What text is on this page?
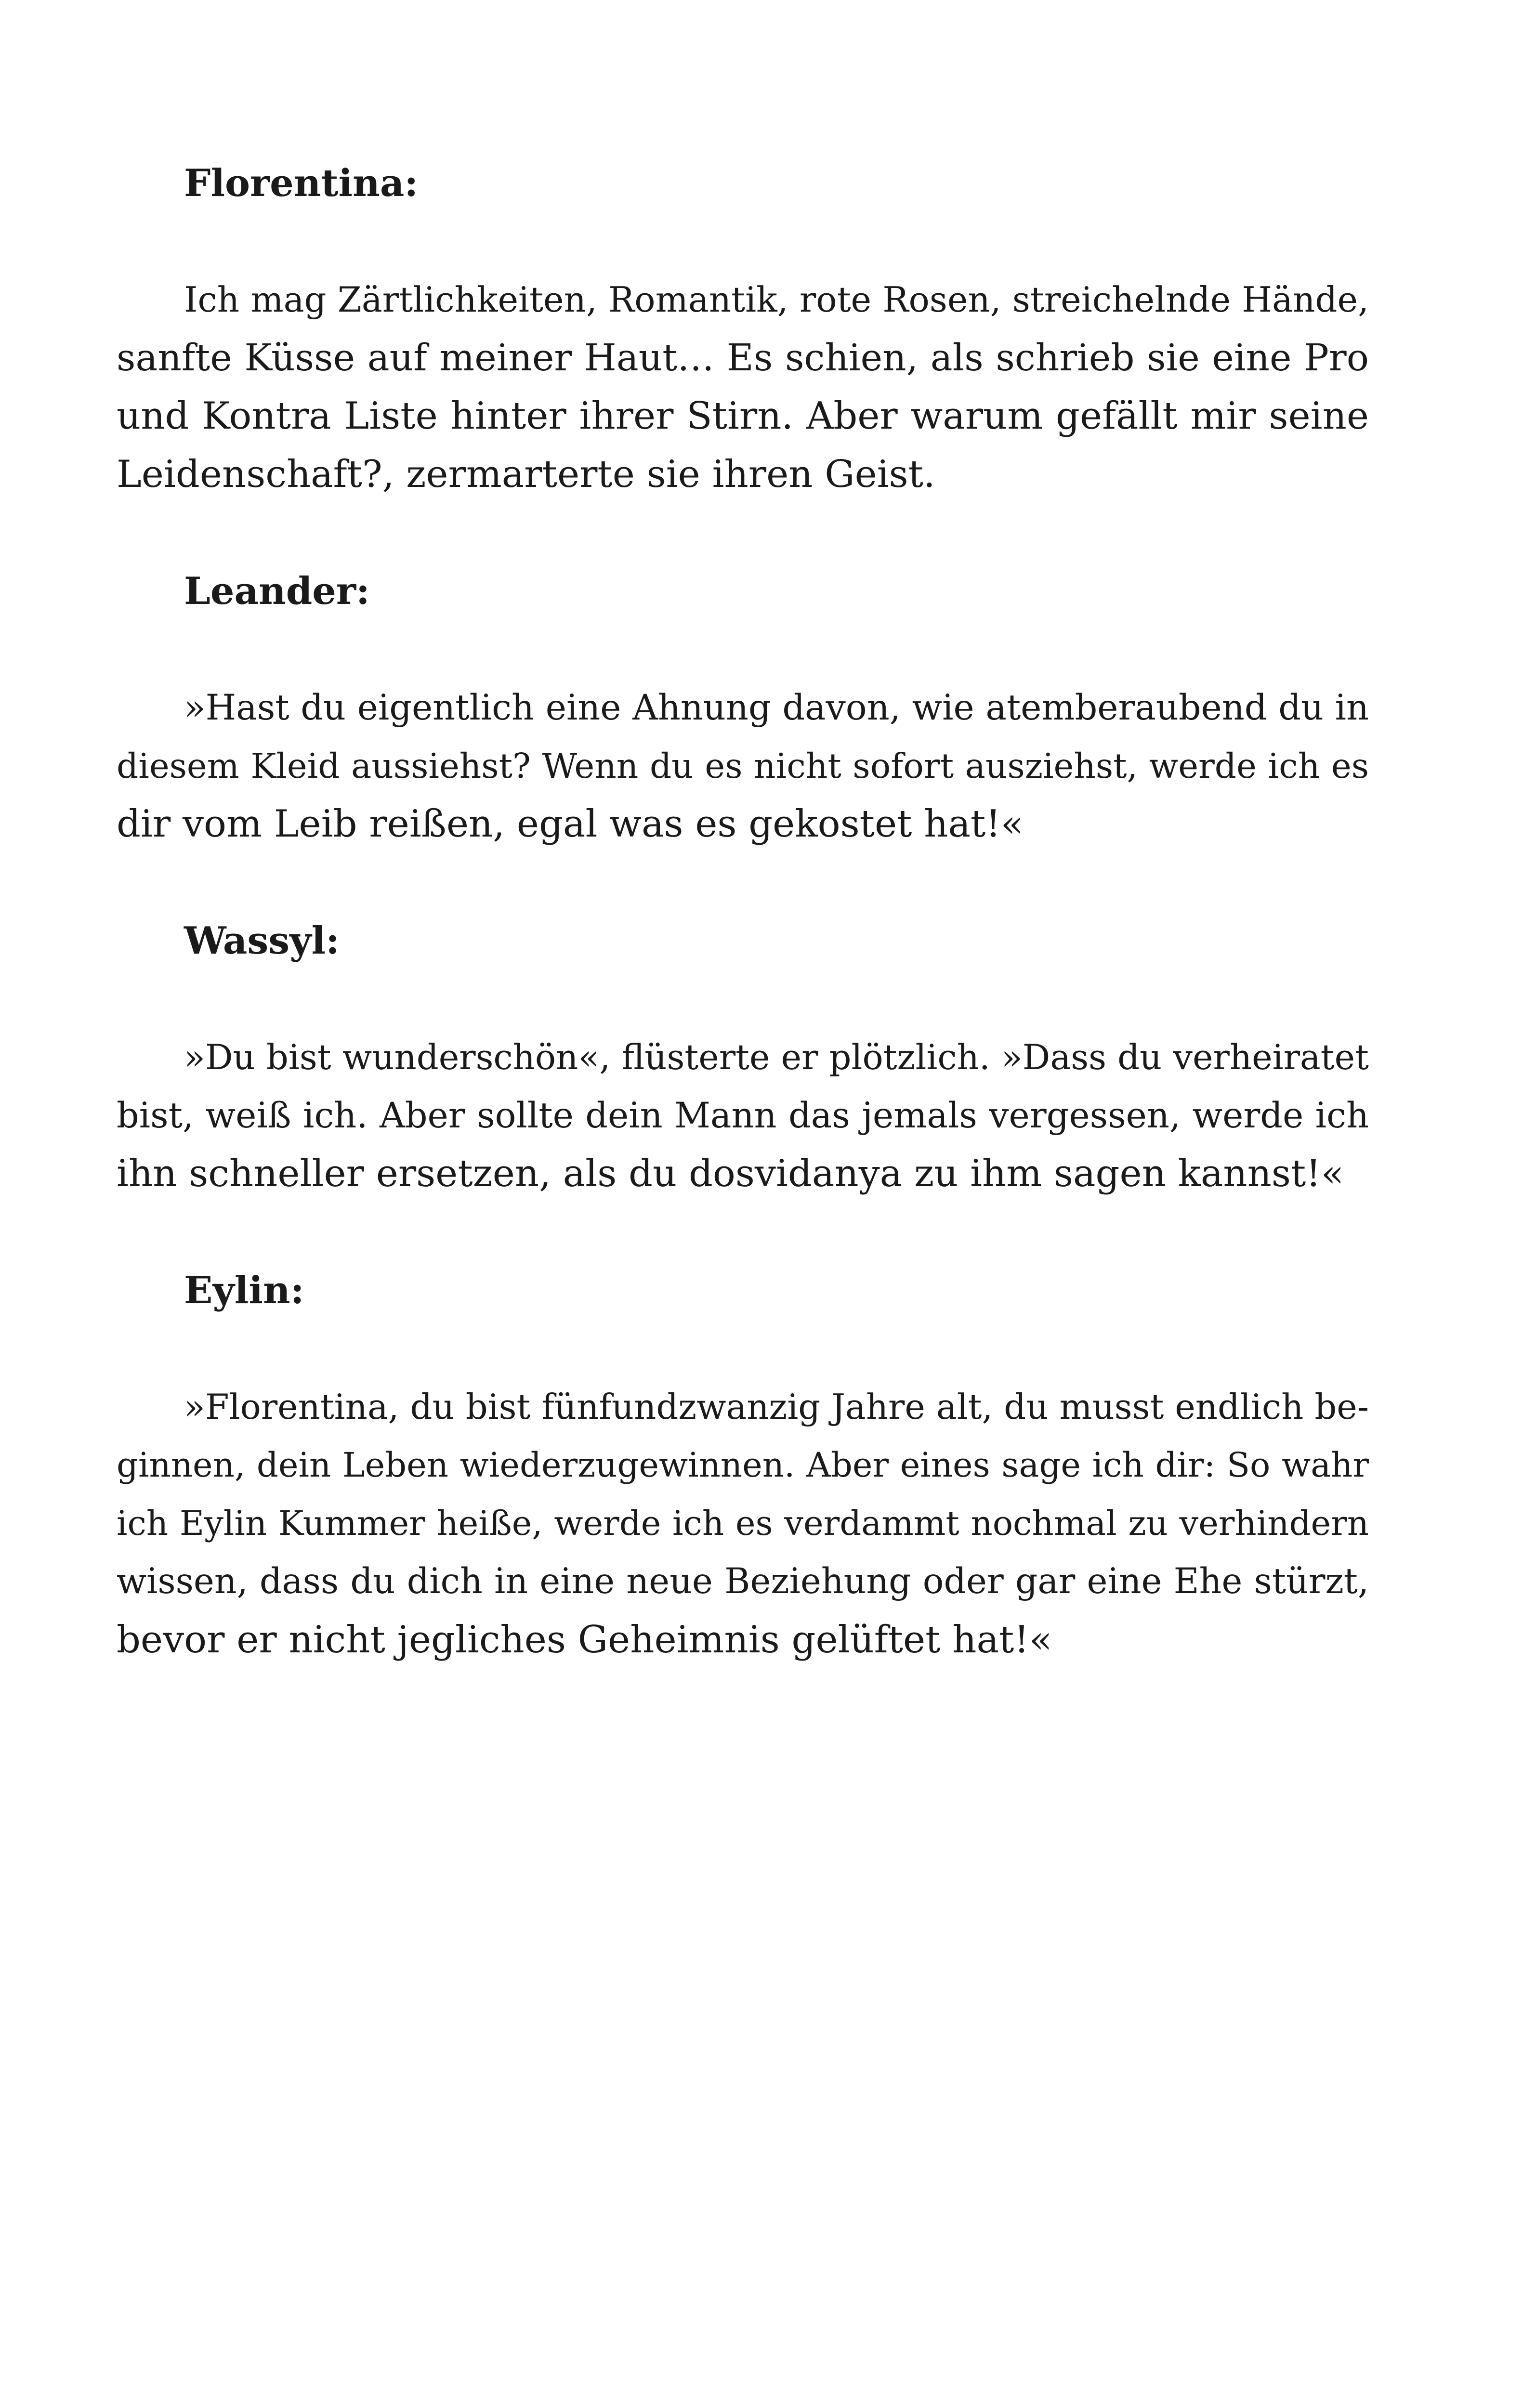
Florentina:

Ich mag Zärtlichkeiten, Romantik, rote Rosen, streichelnde Hände,
sanfte Küsse auf meiner Haut… Es schien, als schrieb sie eine Pro
und Kontra Liste hinter ihrer Stirn. Aber warum gefällt mir seine
Leidenschaft?, zermarterte sie ihren Geist.

Leander:

»Hast du eigentlich eine Ahnung davon, wie atemberaubend du in
diesem Kleid aussiehst? Wenn du es nicht sofort ausziehst, werde ich es
dir vom Leib reißen, egal was es gekostet hat!«

Wassyl:

»Du bist wunderschön«, flüsterte er plötzlich. »Dass du verheiratet
bist, weiß ich. Aber sollte dein Mann das jemals vergessen, werde ich
ihn schneller ersetzen, als du dosvidanya zu ihm sagen kannst!«

Eylin:

»Florentina, du bist fünfundzwanzig Jahre alt, du musst endlich be-
ginnen, dein Leben wiederzugewinnen. Aber eines sage ich dir: So wahr
ich Eylin Kummer heiße, werde ich es verdammt nochmal zu verhindern
wissen, dass du dich in eine neue Beziehung oder gar eine Ehe stürzt,
bevor er nicht jegliches Geheimnis gelüftet hat!«
